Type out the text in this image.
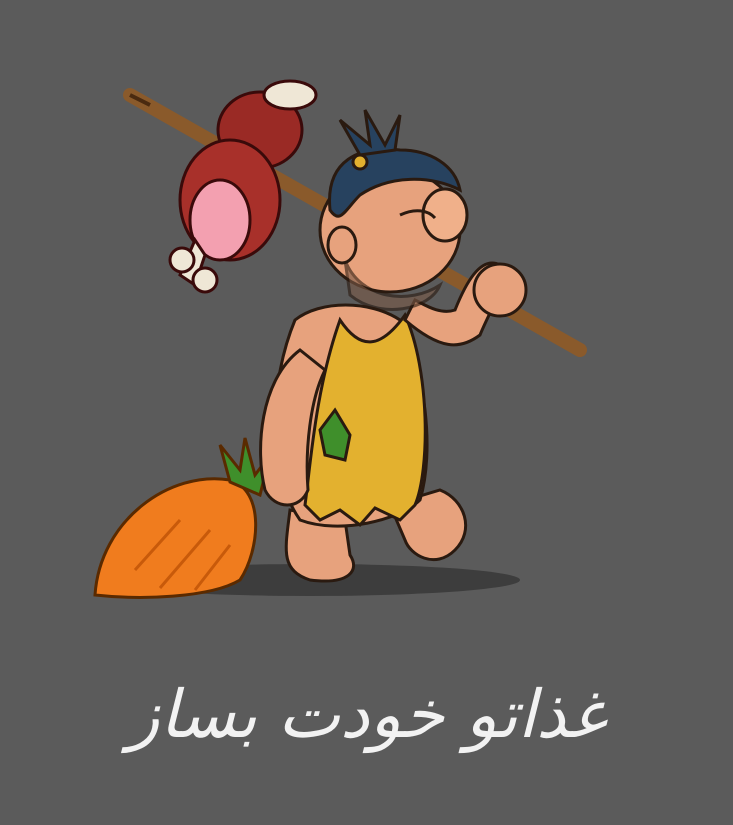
غذاتو خودت بساز
